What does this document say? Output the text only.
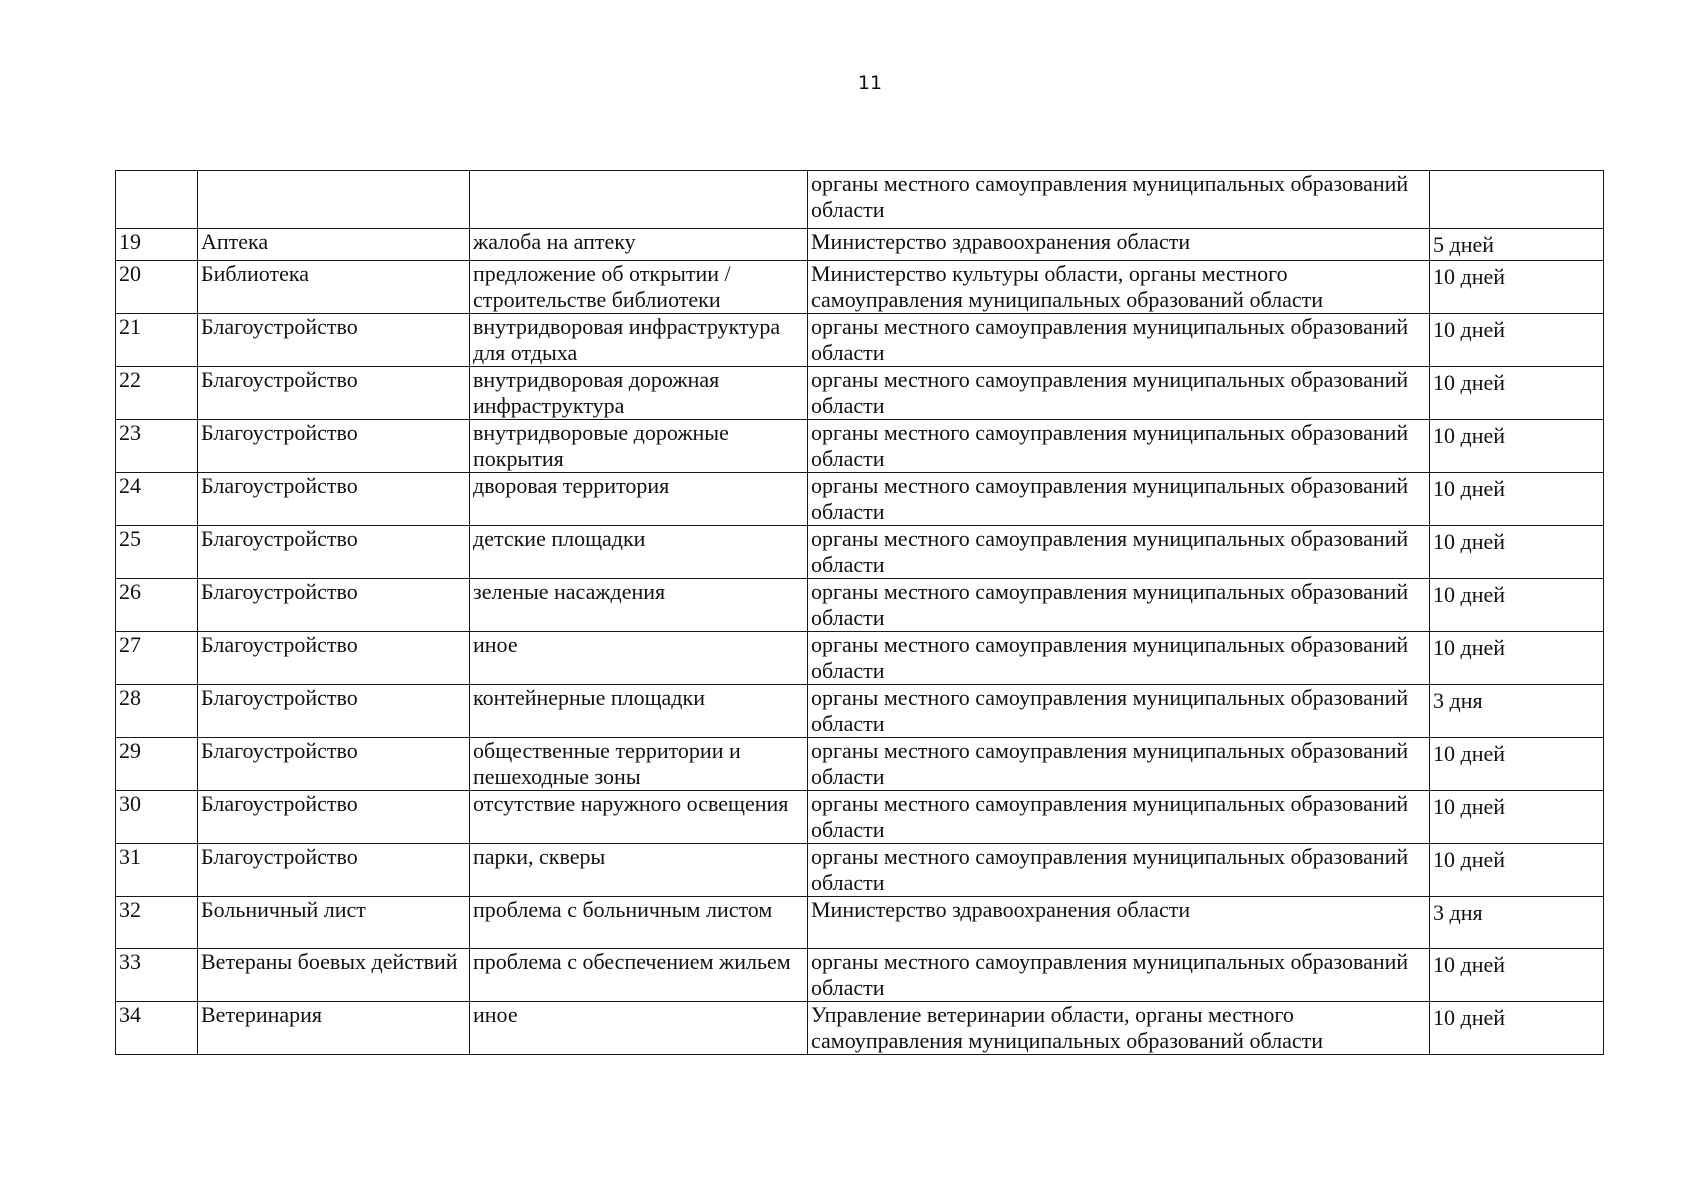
11
			органы местного самоуправления муниципальных образований области	
19	Аптека	жалоба на аптеку	Министерство здравоохранения области	5 дней
20	Библиотека	предложение об открытии / строительстве библиотеки	Министерство культуры области, органы местного самоуправления муниципальных образований области	10 дней
21	Благоустройство	внутридворовая инфраструктура для отдыха	органы местного самоуправления муниципальных образований области	10 дней
22	Благоустройство	внутридворовая дорожная инфраструктура	органы местного самоуправления муниципальных образований области	10 дней
23	Благоустройство	внутридворовые дорожные покрытия	органы местного самоуправления муниципальных образований области	10 дней
24	Благоустройство	дворовая территория	органы местного самоуправления муниципальных образований области	10 дней
25	Благоустройство	детские площадки	органы местного самоуправления муниципальных образований области	10 дней
26	Благоустройство	зеленые насаждения	органы местного самоуправления муниципальных образований области	10 дней
27	Благоустройство	иное	органы местного самоуправления муниципальных образований области	10 дней
28	Благоустройство	контейнерные площадки	органы местного самоуправления муниципальных образований области	3 дня
29	Благоустройство	общественные территории и пешеходные зоны	органы местного самоуправления муниципальных образований области	10 дней
30	Благоустройство	отсутствие наружного освещения	органы местного самоуправления муниципальных образований области	10 дней
31	Благоустройство	парки, скверы	органы местного самоуправления муниципальных образований области	10 дней
32	Больничный лист	проблема с больничным листом	Министерство здравоохранения области	3 дня
33	Ветераны боевых действий	проблема с обеспечением жильем	органы местного самоуправления муниципальных образований области	10 дней
34	Ветеринария	иное	Управление ветеринарии области, органы местного самоуправления муниципальных образований области	10 дней
